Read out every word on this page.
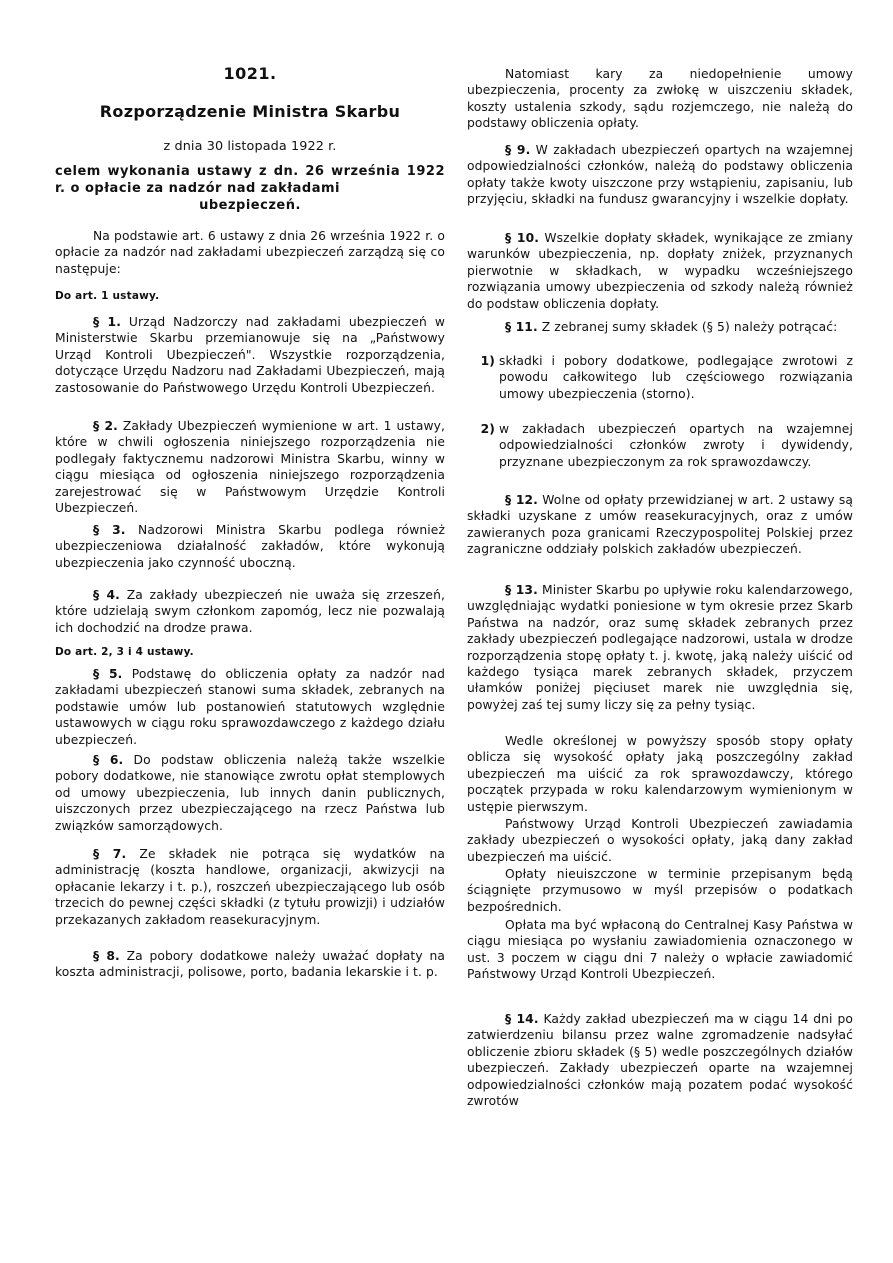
1021.
Rozporządzenie Ministra Skarbu
z dnia 30 listopada 1922 r.
celem wykonania ustawy z dn. 26 września 1922 r. o opłacie za nadzór nad zakładami
ubezpieczeń.

Na podstawie art. 6 ustawy z dnia 26 września 1922 r. o opłacie za nadzór nad zakładami ubezpieczeń zarządzą się co następuje:

Do art. 1 ustawy.

§ 1. Urząd Nadzorczy nad zakładami ubezpieczeń w Ministerstwie Skarbu przemianowuje się na „Państwowy Urząd Kontroli Ubezpieczeń". Wszystkie rozporządzenia, dotyczące Urzędu Nadzoru nad Zakładami Ubezpieczeń, mają zastosowanie do Państwowego Urzędu Kontroli Ubezpieczeń.

§ 2. Zakłady Ubezpieczeń wymienione w art. 1 ustawy, które w chwili ogłoszenia niniejszego rozporządzenia nie podlegały faktycznemu nadzorowi Ministra Skarbu, winny w ciągu miesiąca od ogłoszenia niniejszego rozporządzenia zarejestrować się w Państwowym Urzędzie Kontroli Ubezpieczeń.

§ 3. Nadzorowi Ministra Skarbu podlega również ubezpieczeniowa działalność zakładów, które wykonują ubezpieczenia jako czynność uboczną.

§ 4. Za zakłady ubezpieczeń nie uważa się zrzeszeń, które udzielają swym członkom zapomóg, lecz nie pozwalają ich dochodzić na drodze prawa.

Do art. 2, 3 i 4 ustawy.

§ 5. Podstawę do obliczenia opłaty za nadzór nad zakładami ubezpieczeń stanowi suma składek, zebranych na podstawie umów lub postanowień statutowych względnie ustawowych w ciągu roku sprawozdawczego z każdego działu ubezpieczeń.

§ 6. Do podstaw obliczenia należą także wszelkie pobory dodatkowe, nie stanowiące zwrotu opłat stemplowych od umowy ubezpieczenia, lub innych danin publicznych, uiszczonych przez ubezpieczającego na rzecz Państwa lub związków samorządowych.

§ 7. Ze składek nie potrąca się wydatków na administrację (koszta handlowe, organizacji, akwizycji na opłacanie lekarzy i t. p.), roszczeń ubezpieczającego lub osób trzecich do pewnej części składki (z tytułu prowizji) i udziałów przekazanych zakładom reasekuracyjnym.

§ 8. Za pobory dodatkowe należy uważać dopłaty na koszta administracji, polisowe, porto, badania lekarskie i t. p.

Natomiast kary za niedopełnienie umowy ubezpieczenia, procenty za zwłokę w uiszczeniu składek, koszty ustalenia szkody, sądu rozjemczego, nie należą do podstawy obliczenia opłaty.

§ 9. W zakładach ubezpieczeń opartych na wzajemnej odpowiedzialności członków, należą do podstawy obliczenia opłaty także kwoty uiszczone przy wstąpieniu, zapisaniu, lub przyjęciu, składki na fundusz gwarancyjny i wszelkie dopłaty.

§ 10. Wszelkie dopłaty składek, wynikające ze zmiany warunków ubezpieczenia, np. dopłaty zniżek, przyznanych pierwotnie w składkach, w wypadku wcześniejszego rozwiązania umowy ubezpieczenia od szkody należą również do podstaw obliczenia dopłaty.

§ 11. Z zebranej sumy składek (§ 5) należy potrącać:

1) składki i pobory dodatkowe, podlegające zwrotowi z powodu całkowitego lub częściowego rozwiązania umowy ubezpieczenia (storno).

2) w zakładach ubezpieczeń opartych na wzajemnej odpowiedzialności członków zwroty i dywidendy, przyznane ubezpieczonym za rok sprawozdawczy.

§ 12. Wolne od opłaty przewidzianej w art. 2 ustawy są składki uzyskane z umów reasekuracyjnych, oraz z umów zawieranych poza granicami Rzeczypospolitej Polskiej przez zagraniczne oddziały polskich zakładów ubezpieczeń.

§ 13. Minister Skarbu po upływie roku kalendarzowego, uwzględniając wydatki poniesione w tym okresie przez Skarb Państwa na nadzór, oraz sumę składek zebranych przez zakłady ubezpieczeń podlegające nadzorowi, ustala w drodze rozporządzenia stopę opłaty t. j. kwotę, jaką należy uiścić od każdego tysiąca marek zebranych składek, przyczem ułamków poniżej pięciuset marek nie uwzględnia się, powyżej zaś tej sumy liczy się za pełny tysiąc.

Wedle określonej w powyższy sposób stopy opłaty oblicza się wysokość opłaty jaką poszczególny zakład ubezpieczeń ma uiścić za rok sprawozdawczy, którego początek przypada w roku kalendarzowym wymienionym w ustępie pierwszym.

Państwowy Urząd Kontroli Ubezpieczeń zawiadamia zakłady ubezpieczeń o wysokości opłaty, jaką dany zakład ubezpieczeń ma uiścić.

Opłaty nieuiszczone w terminie przepisanym będą ściągnięte przymusowo w myśl przepisów o podatkach bezpośrednich.

Opłata ma być wpłaconą do Centralnej Kasy Państwa w ciągu miesiąca po wysłaniu zawiadomienia oznaczonego w ust. 3 poczem w ciągu dni 7 należy o wpłacie zawiadomić Państwowy Urząd Kontroli Ubezpieczeń.

§ 14. Każdy zakład ubezpieczeń ma w ciągu 14 dni po zatwierdzeniu bilansu przez walne zgromadzenie nadsyłać obliczenie zbioru składek (§ 5) wedle poszczególnych działów ubezpieczeń. Zakłady ubezpieczeń oparte na wzajemnej odpowiedzialności członków mają pozatem podać wysokość zwrotów
